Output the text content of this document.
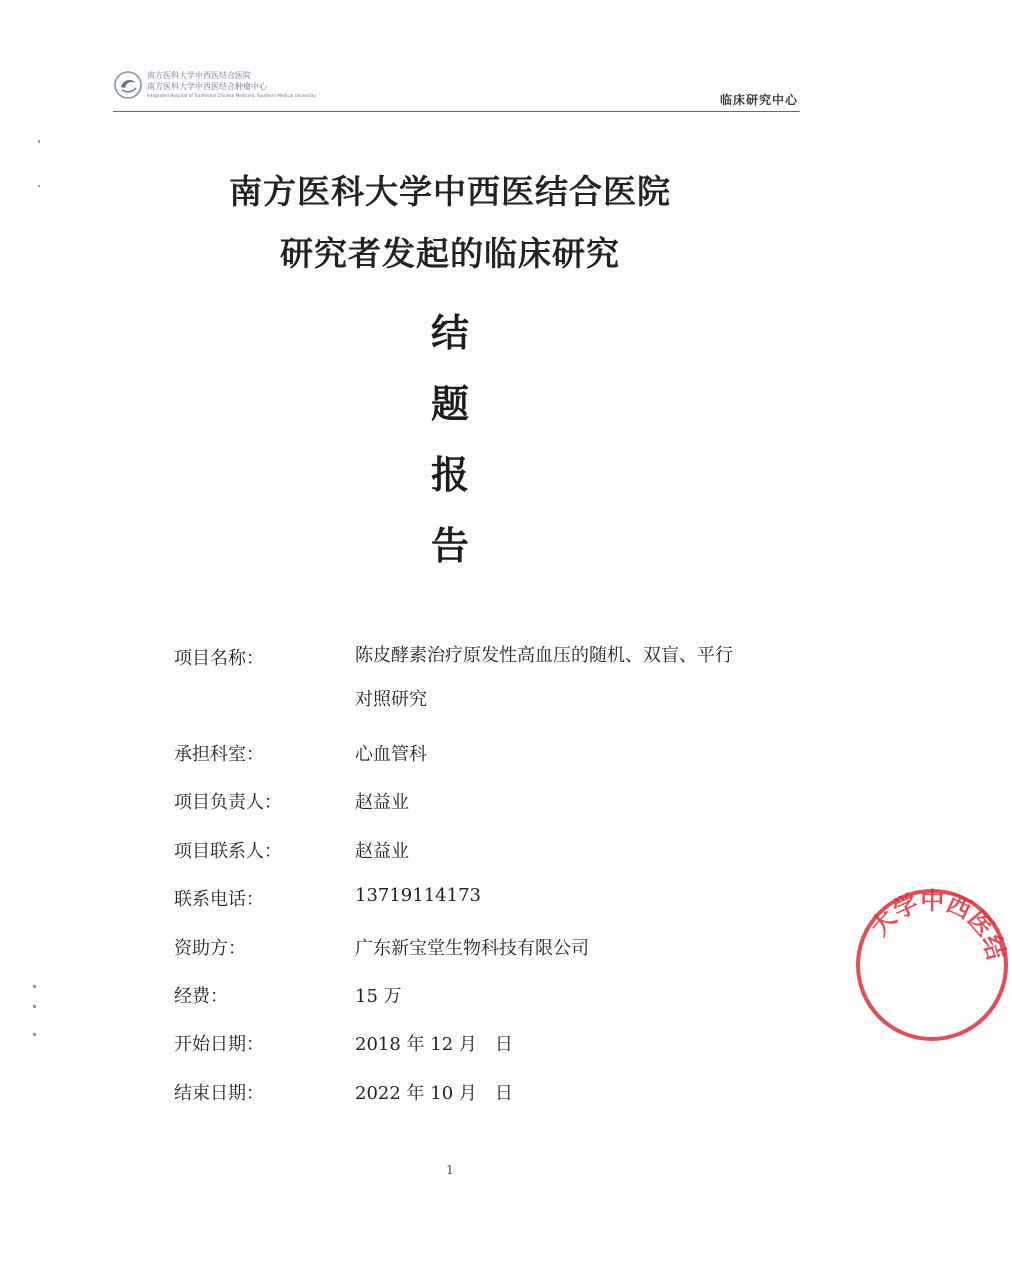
南方医科大学中西医结合医院
南方医科大学中西医结合肿瘤中心
Integrated Hospital of Traditional Chinese Medicine, Southern Medical University	临床研究中心
南方医科大学中西医结合医院
研究者发起的临床研究
结
题
报
告
项目名称：	陈皮酵素治疗原发性高血压的随机、双盲、平行对照研究
承担科室：	心血管科
项目负责人：	赵益业
项目联系人：	赵益业
联系电话：	13719114173
资助方：	广东新宝堂生物科技有限公司
经费：	15 万
开始日期：	2018 年 12 月　日
结束日期：	2022 年 10 月　日
大学中西医结
1
